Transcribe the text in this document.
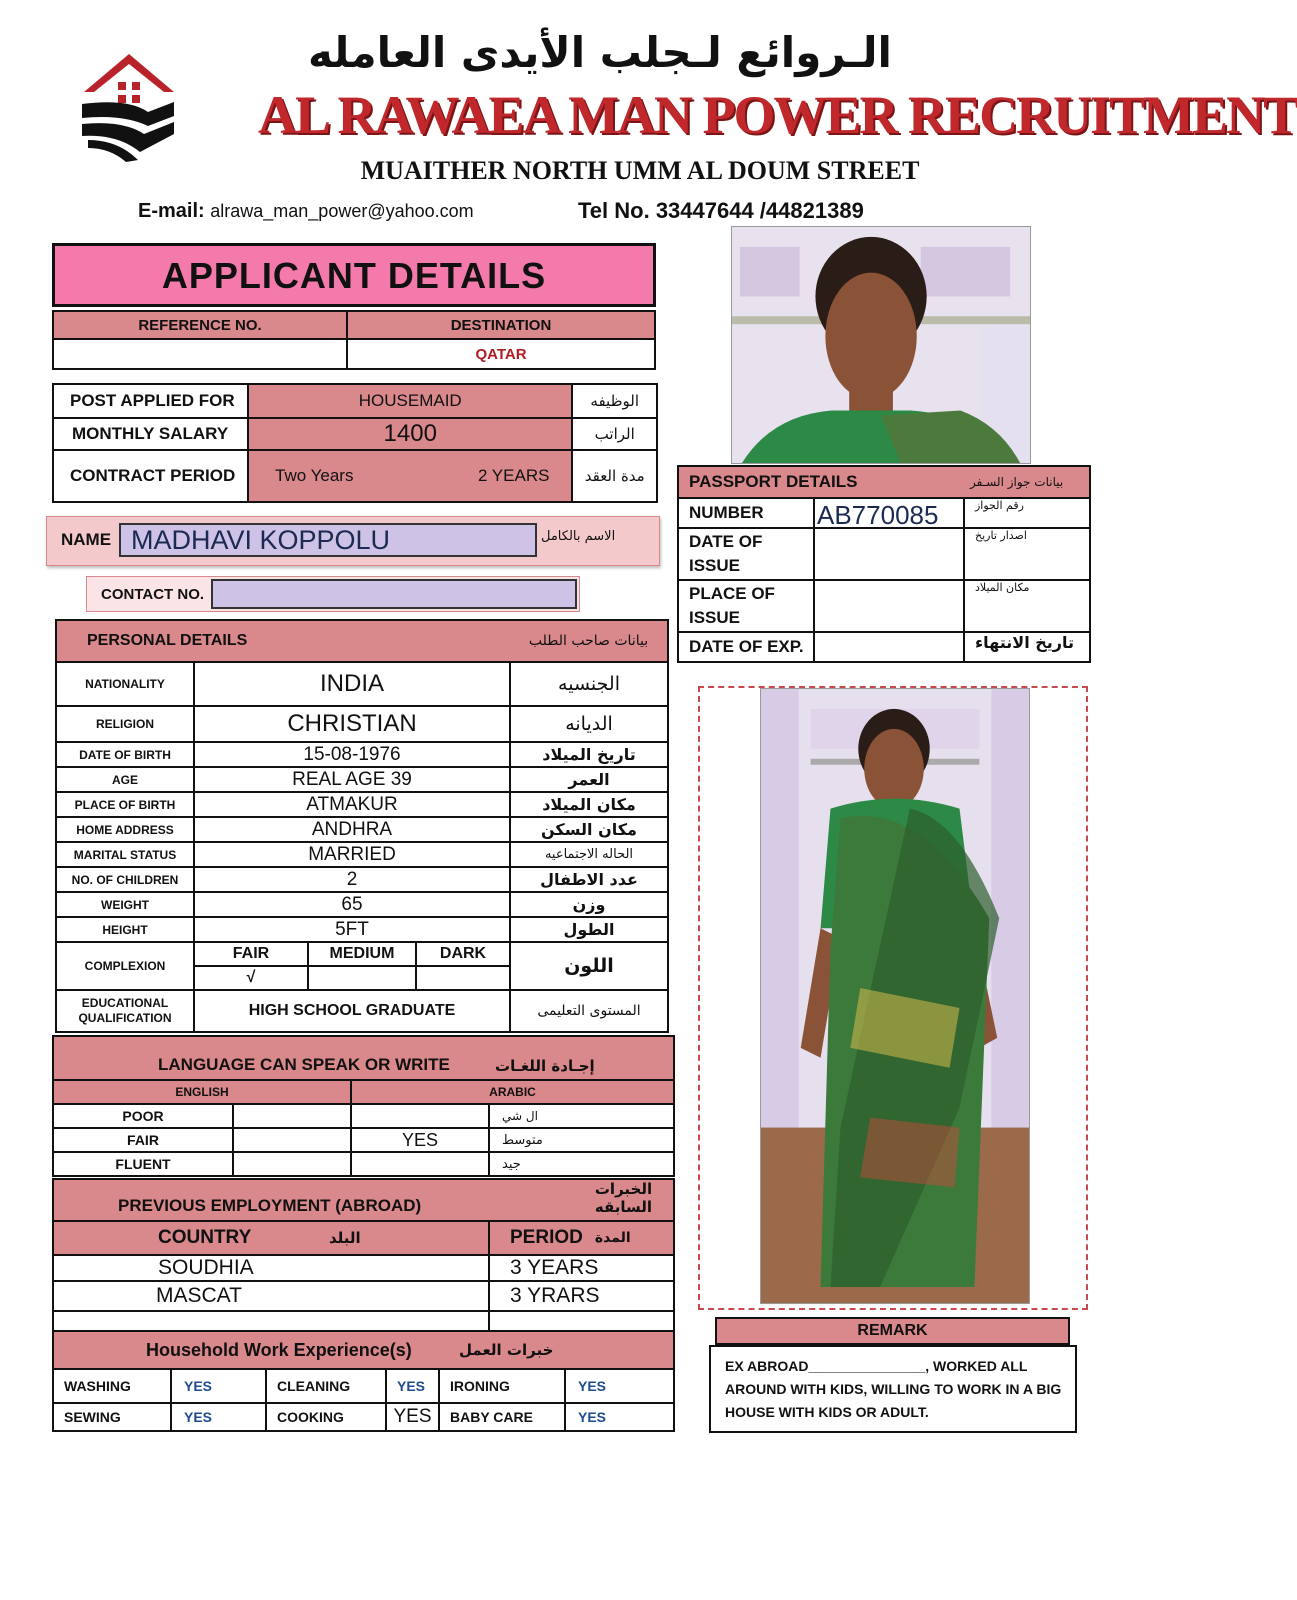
الـروائع لـجلب الأيدى العامله
AL RAWAEA MAN POWER RECRUITMENT
MUAITHER NORTH UMM AL DOUM STREET
E-mail: alrawa_man_power@yahoo.com	Tel No. 33447644 /44821389
APPLICANT DETAILS
REFERENCE NO.	DESTINATION
	QATAR
POST APPLIED FOR	HOUSEMAID		الوظيفه
MONTHLY SALARY	1400		الراتب
CONTRACT PERIOD	Two Years	2 YEARS	مدة العقد
NAME MADHAVI KOPPOLU	الاسم بالكامل
CONTACT NO.
PERSONAL DETAILS				بيانات صاحب الطلب
NATIONALITY	INDIA			الجنسيه
RELIGION	CHRISTIAN			الديانه
DATE OF BIRTH	15-08-1976			تاريخ الميلاد
AGE	REAL AGE 39			العمر
PLACE OF BIRTH	ATMAKUR			مكان الميلاد
HOME ADDRESS	ANDHRA			مكان السكن
MARITAL STATUS	MARRIED			الحاله الاجتماعيه
NO. OF CHILDREN	2			عدد الاطفال
WEIGHT	65			وزن
HEIGHT	5FT			الطول
COMPLEXION	FAIR	MEDIUM	DARK	اللون
	√			
EDUCATIONAL QUALIFICATION	HIGH SCHOOL GRADUATE			المستوى التعليمى
LANGUAGE CAN SPEAK OR WRITE			إجـادة اللغـات
ENGLISH		ARABIC	
POOR			ال شي
FAIR		YES	متوسط
FLUENT			جيد
PREVIOUS EMPLOYMENT (ABROAD)			الخبرات السابقه
COUNTRY	البلد	PERIOD	المدة
SOUDHIA		3 YEARS	
MASCAT		3 YRARS	

Household Work Experience(s)				خبرات العمل	
WASHING	YES	CLEANING	YES	IRONING	YES
SEWING	YES	COOKING	YES	BABY CARE	YES
PASSPORT DETAILS		بيانات جواز السـفر
NUMBER	AB770085	رقم الجواز
DATE OF ISSUE		اصدار تاريخ
PLACE OF ISSUE		مكان الميلاد
DATE OF EXP.		تاريخ الانتهاء
REMARK
EX ABROAD_______________, WORKED ALL AROUND WITH KIDS, WILLING TO WORK IN A BIG HOUSE WITH KIDS OR ADULT.
